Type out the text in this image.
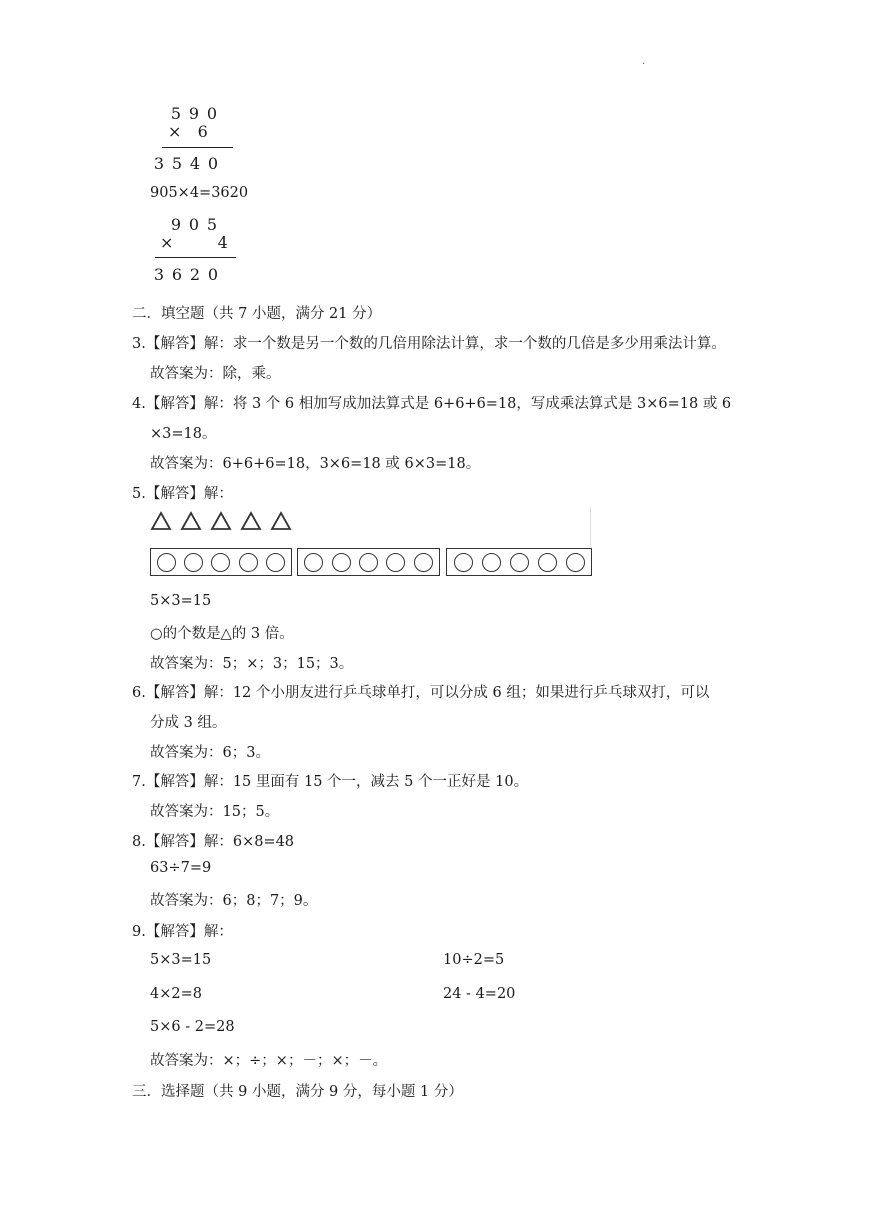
.
5 9 0
× 6
3 5 4 0
905×4=3620
9 0 5
×	4
3 6 2 0
二．填空题（共 7 小题，满分 21 分）
3.【解答】解：求一个数是另一个数的几倍用除法计算，求一个数的几倍是多少用乘法计算。
故答案为：除，乘。
4.【解答】解：将 3 个 6 相加写成加法算式是 6+6+6=18，写成乘法算式是 3×6=18 或 6
×3=18。
故答案为：6+6+6=18，3×6=18 或 6×3=18。
5.【解答】解：
5×3=15
○的个数是△的 3 倍。
故答案为：5；×；3；15；3。
6.【解答】解：12 个小朋友进行乒乓球单打，可以分成 6 组；如果进行乒乓球双打，可以
分成 3 组。
故答案为：6；3。
7.【解答】解：15 里面有 15 个一，减去 5 个一正好是 10。
故答案为：15；5。
8.【解答】解：6×8=48
63÷7=9
故答案为：6；8；7；9。
9.【解答】解：
5×3=15	10÷2=5
4×2=8	24 - 4=20
5×6 - 2=28
故答案为：×；÷；×；－；×；－。
三．选择题（共 9 小题，满分 9 分，每小题 1 分）
